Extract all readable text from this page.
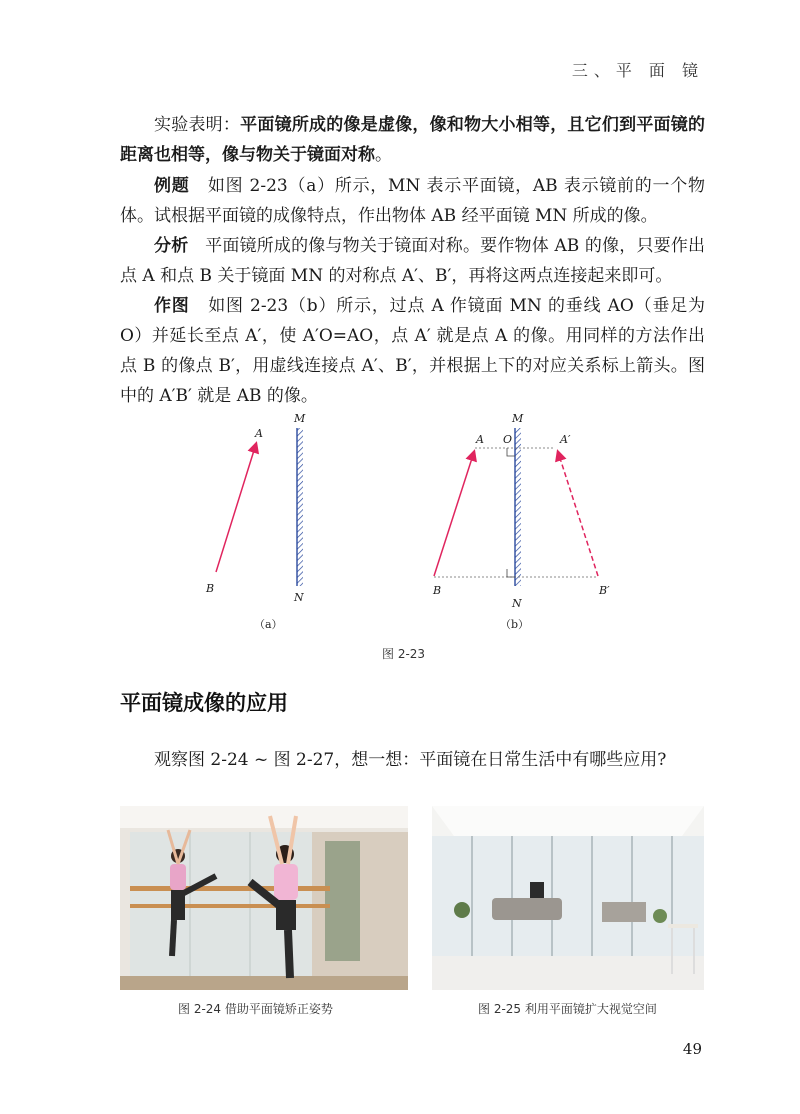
三、平 面 镜

实验表明：平面镜所成的像是虚像，像和物大小相等，且它们到平面镜的距离也相等，像与物关于镜面对称。

例题 如图 2-23（a）所示，MN 表示平面镜，AB 表示镜前的一个物体。试根据平面镜的成像特点，作出物体 AB 经平面镜 MN 所成的像。

分析 平面镜所成的像与物关于镜面对称。要作物体 AB 的像，只要作出点 A 和点 B 关于镜面 MN 的对称点 A′、B′，再将这两点连接起来即可。

作图 如图 2-23（b）所示，过点 A 作镜面 MN 的垂线 AO（垂足为 O）并延长至点 A′，使 A′O=AO，点 A′ 就是点 A 的像。用同样的方法作出点 B 的像点 B′，用虚线连接点 A′、B′，并根据上下的对应关系标上箭头。图中的 A′B′ 就是 AB 的像。

M
N
A
B
M
N
A O	A′
B	B′
（a）	（b）
图 2-23
平面镜成像的应用

观察图 2-24 ~ 图 2-27，想一想：平面镜在日常生活中有哪些应用?

图 2-24 借助平面镜矫正姿势	图 2-25 利用平面镜扩大视觉空间
49
